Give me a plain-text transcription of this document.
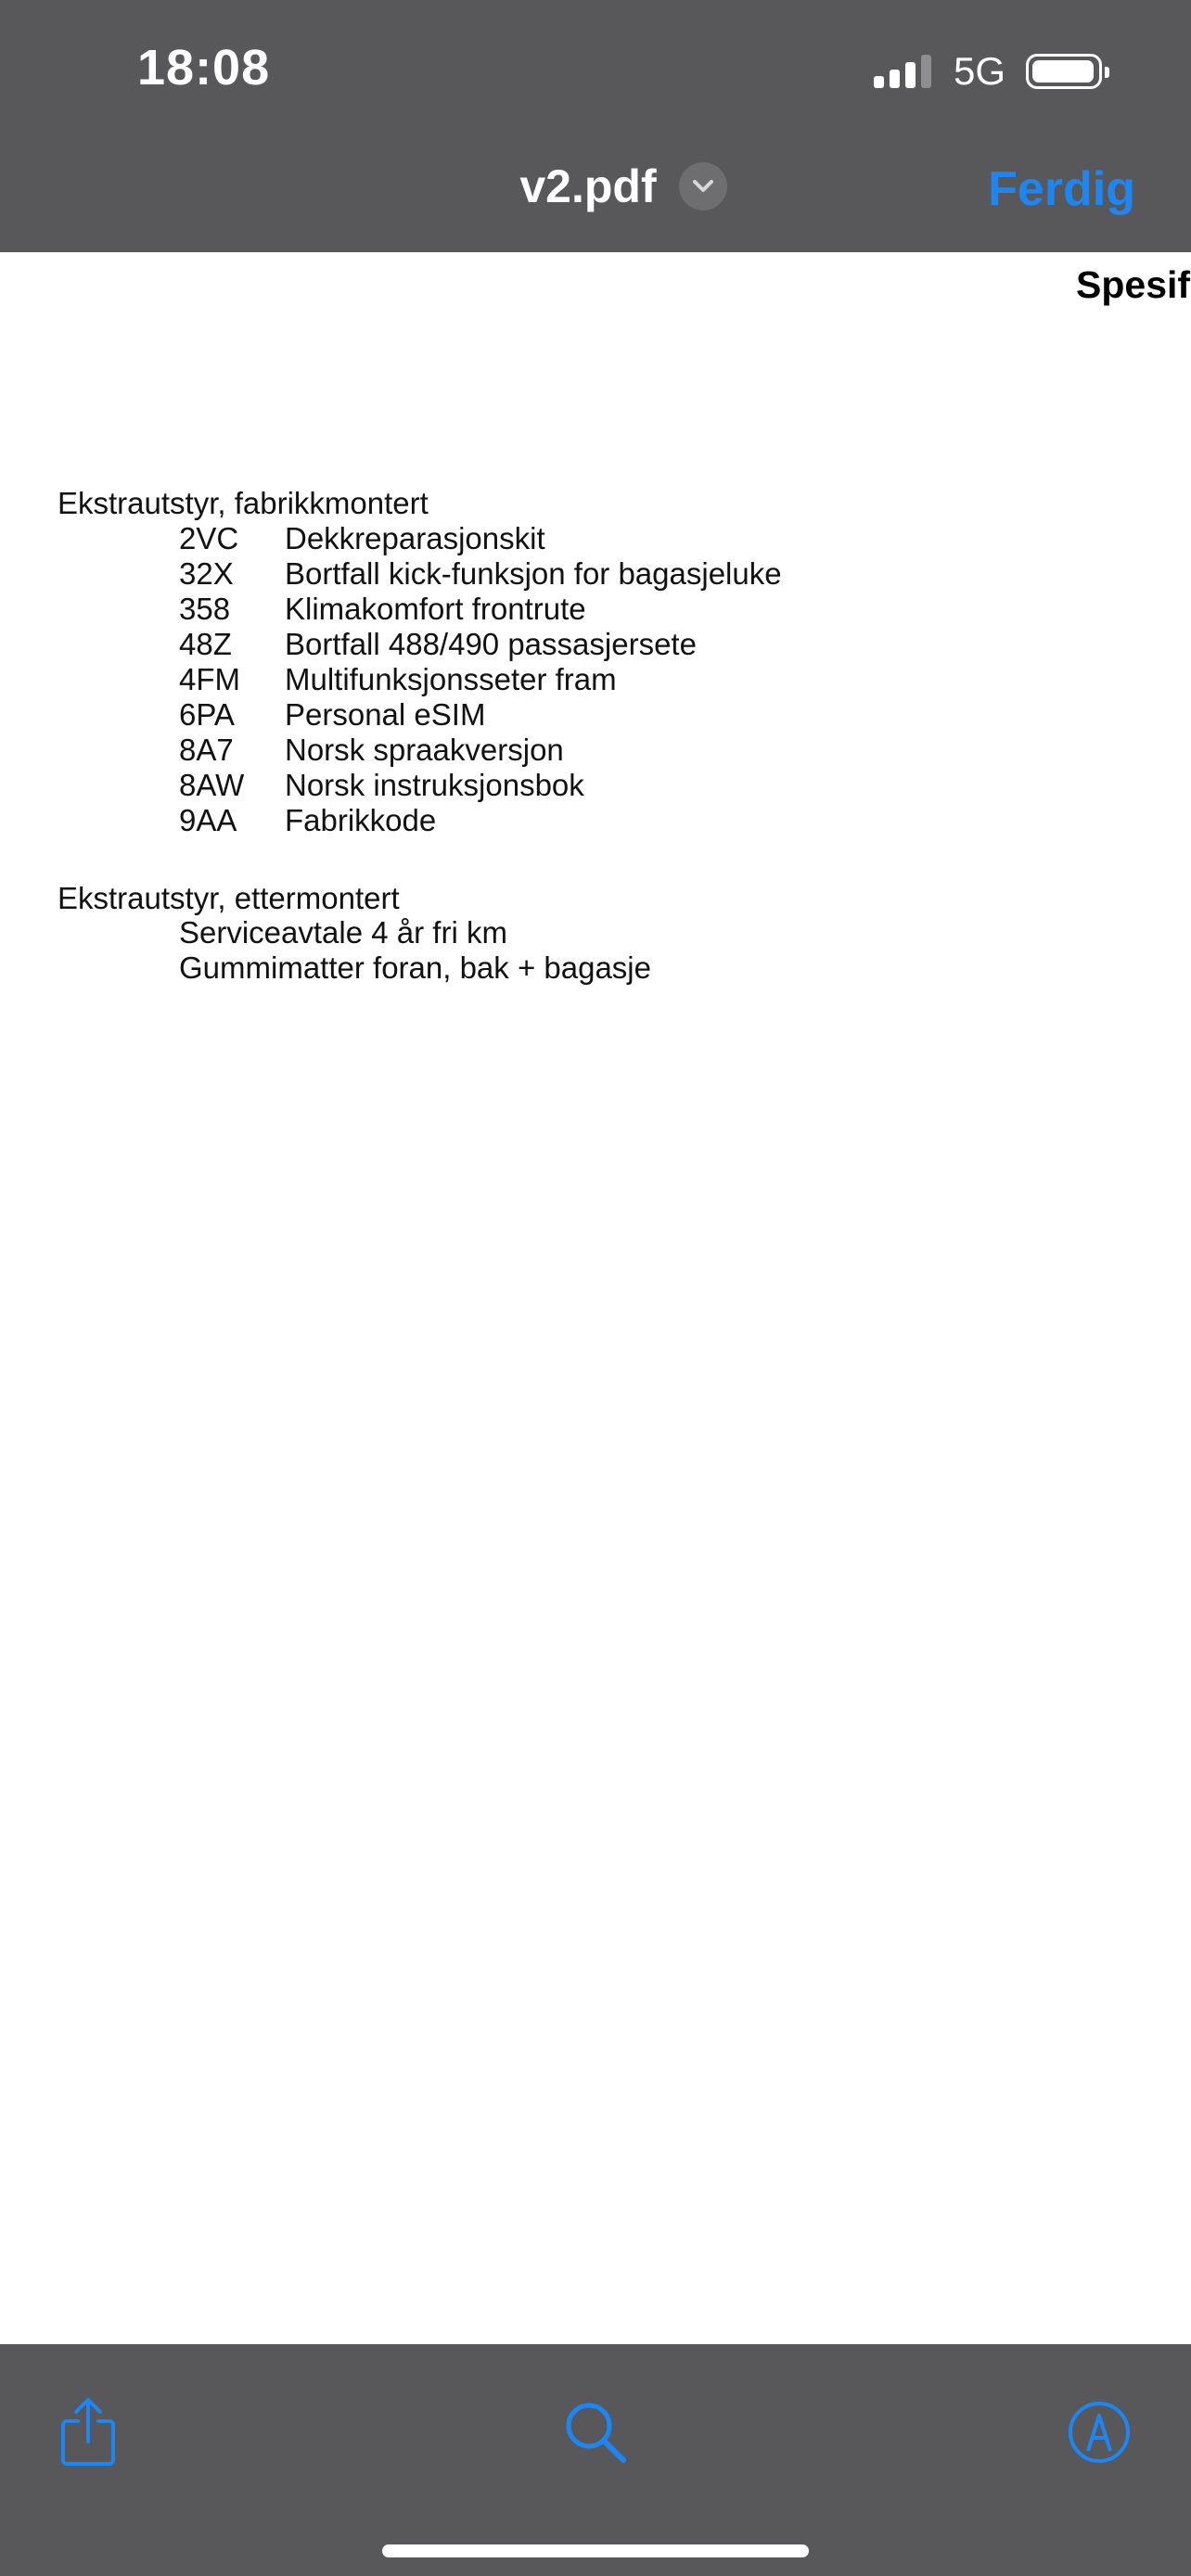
18:08	5G
v2.pdf	Ferdig
Spesif
Ekstrautstyr, fabrikkmontert
2VC Dekkreparasjonskit
32X Bortfall kick-funksjon for bagasjeluke
358 Klimakomfort frontrute
48Z Bortfall 488/490 passasjersete
4FM Multifunksjonsseter fram
6PA Personal eSIM
8A7 Norsk spraakversjon
8AW Norsk instruksjonsbok
9AA Fabrikkode
Ekstrautstyr, ettermontert
Serviceavtale 4 år fri km
Gummimatter foran, bak + bagasje
